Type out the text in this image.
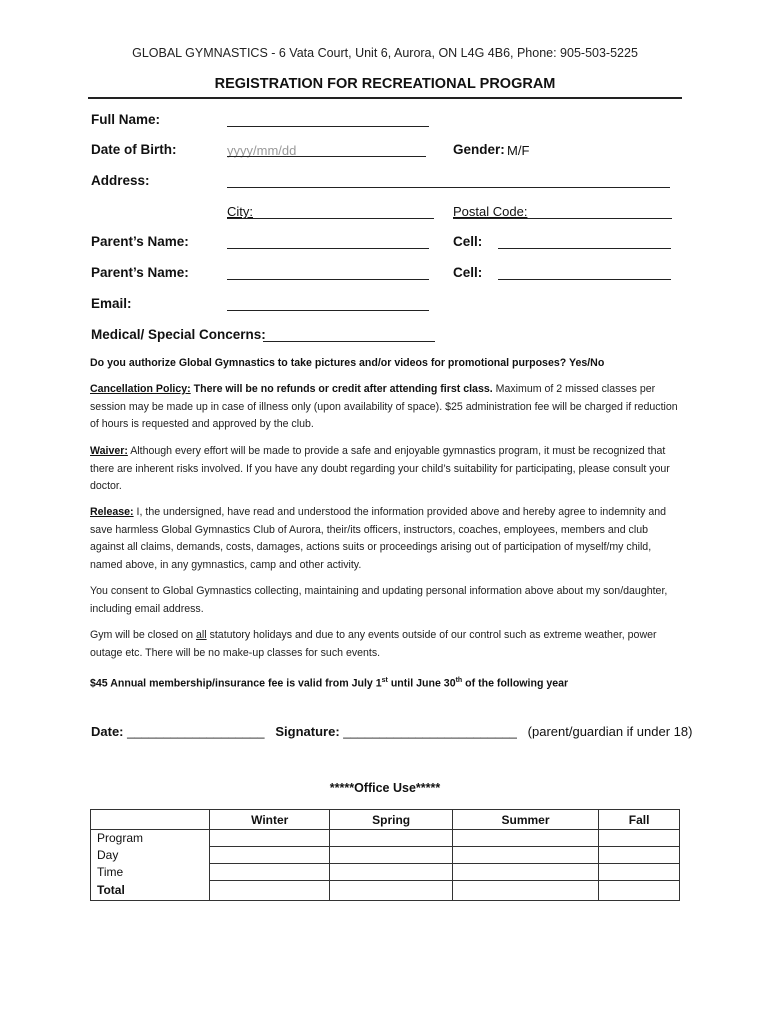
GLOBAL GYMNASTICS - 6 Vata Court, Unit 6, Aurora, ON L4G 4B6, Phone: 905-503-5225
REGISTRATION FOR RECREATIONAL PROGRAM
Full Name:
Date of Birth:	yyyy/mm/dd	Gender: M/F
Address:
City:	Postal Code:
Parent’s Name:	Cell:
Parent’s Name:	Cell:
Email:
Medical/ Special Concerns:
Do you authorize Global Gymnastics to take pictures and/or videos for promotional purposes? Yes/No
Cancellation Policy: There will be no refunds or credit after attending first class. Maximum of 2 missed classes per session may be made up in case of illness only (upon availability of space). $25 administration fee will be charged if reduction of hours is requested and approved by the club.
Waiver: Although every effort will be made to provide a safe and enjoyable gymnastics program, it must be recognized that there are inherent risks involved. If you have any doubt regarding your child’s suitability for participating, please consult your doctor.
Release: I, the undersigned, have read and understood the information provided above and hereby agree to indemnity and save harmless Global Gymnastics Club of Aurora, their/its officers, instructors, coaches, employees, members and club against all claims, demands, costs, damages, actions suits or proceedings arising out of participation of myself/my child, named above, in any gymnastics, camp and other activity.
You consent to Global Gymnastics collecting, maintaining and updating personal information above about my son/daughter, including email address.
Gym will be closed on all statutory holidays and due to any events outside of our control such as extreme weather, power outage etc. There will be no make-up classes for such events.
$45 Annual membership/insurance fee is valid from July 1st until June 30th of the following year
Date: ___________________ Signature: ________________________ (parent/guardian if under 18)
*****Office Use*****
	Winter	Spring	Summer	Fall
Program				
Day				
Time				
Total				
